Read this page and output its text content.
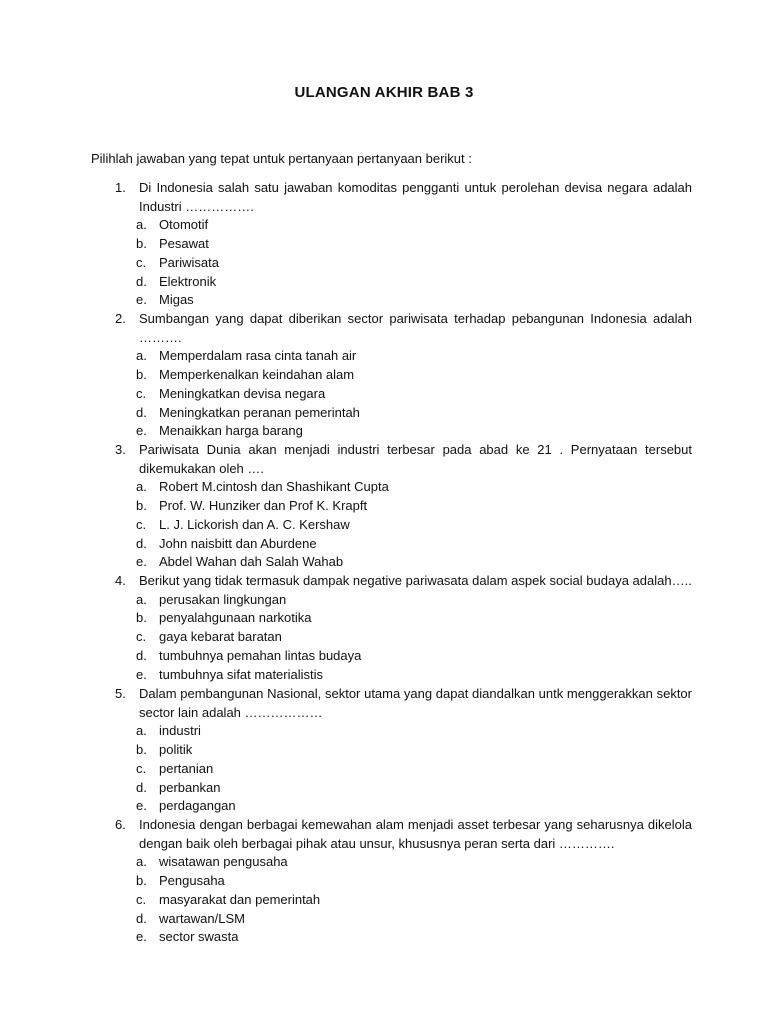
ULANGAN AKHIR BAB 3
Pilihlah jawaban yang tepat untuk pertanyaan pertanyaan berikut :
1.	Di Indonesia salah satu jawaban komoditas pengganti untuk perolehan devisa negara adalah
Industri …………….
a. Otomotif
b. Pesawat
c. Pariwisata
d. Elektronik
e. Migas
2.	Sumbangan yang dapat diberikan sector pariwisata terhadap pebangunan Indonesia adalah
……….
a. Memperdalam rasa cinta tanah air
b. Memperkenalkan keindahan alam
c. Meningkatkan devisa negara
d. Meningkatkan peranan pemerintah
e. Menaikkan harga barang
3.	Pariwisata Dunia akan menjadi industri terbesar pada abad ke 21 . Pernyataan tersebut
dikemukakan oleh ….
a. Robert M.cintosh dan Shashikant Cupta
b. Prof. W. Hunziker dan Prof K. Krapft
c. L. J. Lickorish dan A. C. Kershaw
d. John naisbitt dan Aburdene
e. Abdel Wahan dah Salah Wahab
4.	Berikut yang tidak termasuk dampak negative pariwasata dalam aspek social budaya adalah…..
a. perusakan lingkungan
b. penyalahgunaan narkotika
c. gaya kebarat baratan
d. tumbuhnya pemahan lintas budaya
e. tumbuhnya sifat materialistis
5.	Dalam pembangunan Nasional, sektor utama yang dapat diandalkan untk menggerakkan sektor
sector lain adalah ………………
a. industri
b. politik
c. pertanian
d. perbankan
e. perdagangan
6.	Indonesia dengan berbagai kemewahan alam menjadi asset terbesar yang seharusnya dikelola
dengan baik oleh berbagai pihak atau unsur, khususnya peran serta dari ………….
a. wisatawan pengusaha
b. Pengusaha
c. masyarakat dan pemerintah
d. wartawan/LSM
e. sector swasta
